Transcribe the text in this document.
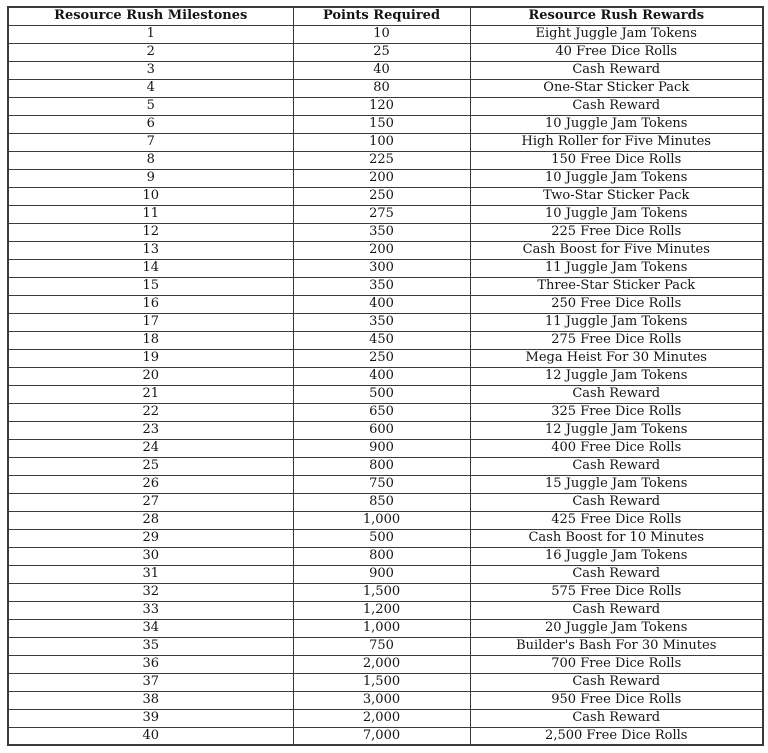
Resource Rush Milestones	Points Required	Resource Rush Rewards
1	10	Eight Juggle Jam Tokens
2	25	40 Free Dice Rolls
3	40	Cash Reward
4	80	One-Star Sticker Pack
5	120	Cash Reward
6	150	10 Juggle Jam Tokens
7	100	High Roller for Five Minutes
8	225	150 Free Dice Rolls
9	200	10 Juggle Jam Tokens
10	250	Two-Star Sticker Pack
11	275	10 Juggle Jam Tokens
12	350	225 Free Dice Rolls
13	200	Cash Boost for Five Minutes
14	300	11 Juggle Jam Tokens
15	350	Three-Star Sticker Pack
16	400	250 Free Dice Rolls
17	350	11 Juggle Jam Tokens
18	450	275 Free Dice Rolls
19	250	Mega Heist For 30 Minutes
20	400	12 Juggle Jam Tokens
21	500	Cash Reward
22	650	325 Free Dice Rolls
23	600	12 Juggle Jam Tokens
24	900	400 Free Dice Rolls
25	800	Cash Reward
26	750	15 Juggle Jam Tokens
27	850	Cash Reward
28	1,000	425 Free Dice Rolls
29	500	Cash Boost for 10 Minutes
30	800	16 Juggle Jam Tokens
31	900	Cash Reward
32	1,500	575 Free Dice Rolls
33	1,200	Cash Reward
34	1,000	20 Juggle Jam Tokens
35	750	Builder's Bash For 30 Minutes
36	2,000	700 Free Dice Rolls
37	1,500	Cash Reward
38	3,000	950 Free Dice Rolls
39	2,000	Cash Reward
40	7,000	2,500 Free Dice Rolls
